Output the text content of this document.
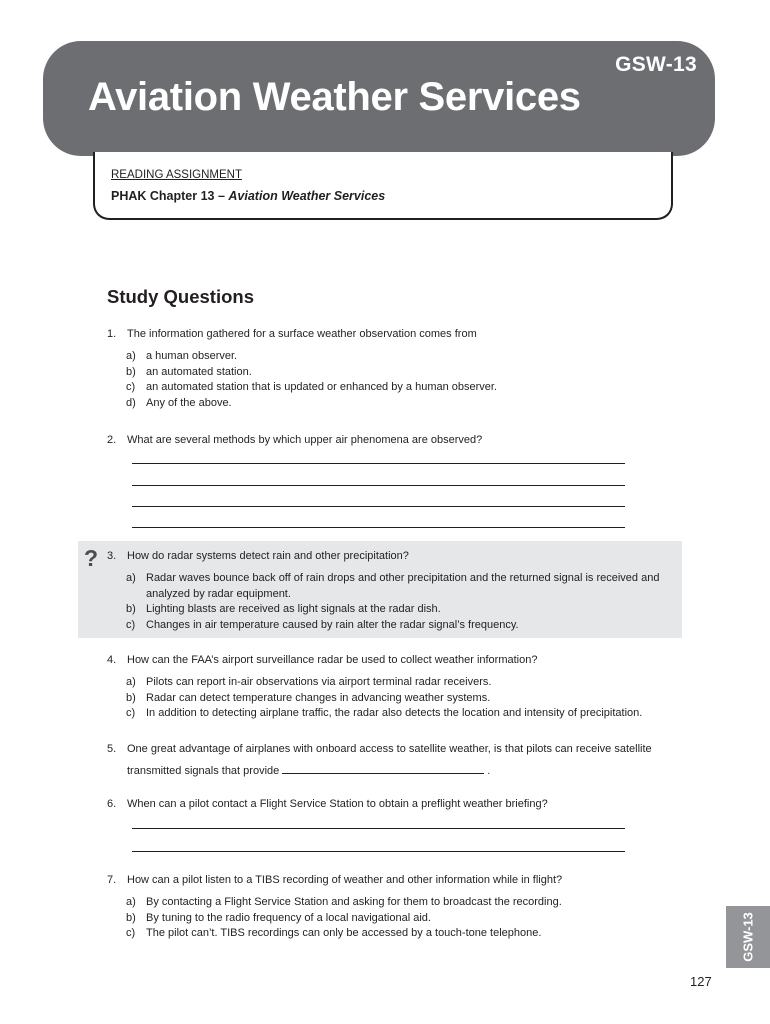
GSW-13
Aviation Weather Services
READING ASSIGNMENT
PHAK Chapter 13 – Aviation Weather Services
Study Questions
1. The information gathered for a surface weather observation comes from
a) a human observer.
b) an automated station.
c) an automated station that is updated or enhanced by a human observer.
d) Any of the above.
2. What are several methods by which upper air phenomena are observed?
? 3. How do radar systems detect rain and other precipitation?
a) Radar waves bounce back off of rain drops and other precipitation and the returned signal is received and analyzed by radar equipment.
b) Lighting blasts are received as light signals at the radar dish.
c) Changes in air temperature caused by rain alter the radar signal’s frequency.
4. How can the FAA’s airport surveillance radar be used to collect weather information?
a) Pilots can report in-air observations via airport terminal radar receivers.
b) Radar can detect temperature changes in advancing weather systems.
c) In addition to detecting airplane traffic, the radar also detects the location and intensity of precipitation.
5. One great advantage of airplanes with onboard access to satellite weather, is that pilots can receive satellite
transmitted signals that provide	.
6. When can a pilot contact a Flight Service Station to obtain a preflight weather briefing?
7. How can a pilot listen to a TIBS recording of weather and other information while in flight?
a) By contacting a Flight Service Station and asking for them to broadcast the recording.
b) By tuning to the radio frequency of a local navigational aid.
c) The pilot can’t. TIBS recordings can only be accessed by a touch-tone telephone.	GSW-13
127
